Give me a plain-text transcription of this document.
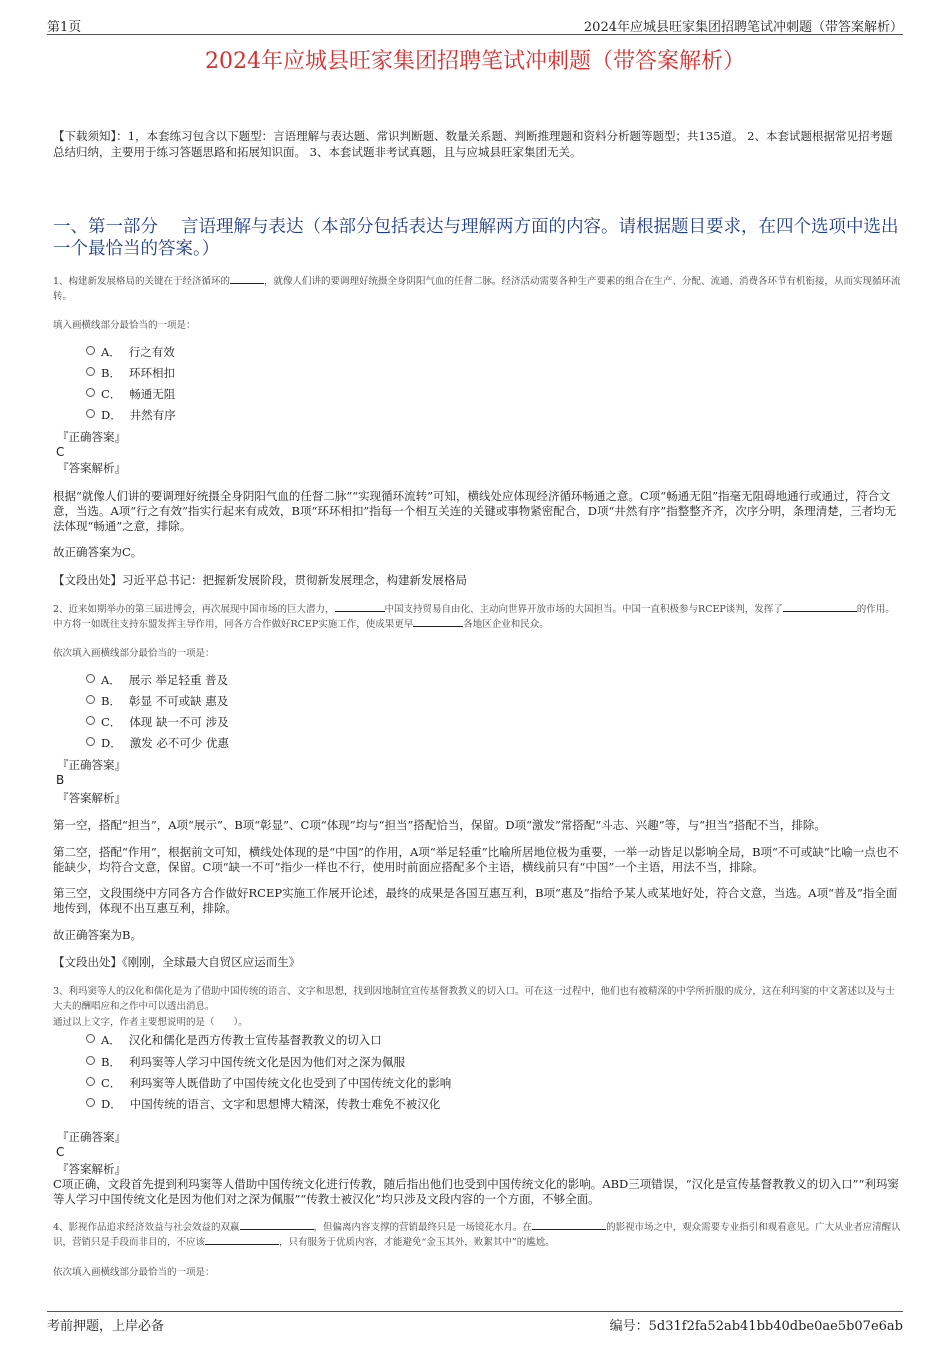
第1页	2024年应城县旺家集团招聘笔试冲刺题（带答案解析）
2024年应城县旺家集团招聘笔试冲刺题（带答案解析）
【下载须知】：1，本套练习包含以下题型：言语理解与表达题、常识判断题、数量关系题、判断推理题和资料分析题等题型；共135道。 2、本套试题根据常见招考题总结归纳，主要用于练习答题思路和拓展知识面。 3、本套试题非考试真题，且与应城县旺家集团无关。
一、第一部分　 言语理解与表达（本部分包括表达与理解两方面的内容。请根据题目要求，在四个选项中选出一个最恰当的答案。）
1、构建新发展格局的关键在于经济循环的	，就像人们讲的要调理好统摄全身阴阳气血的任督二脉。经济活动需要各种生产要素的组合在生产、分配、流通、消费各环节有机衔接，从而实现循环流转。
填入画横线部分最恰当的一项是：
A． 行之有效
B． 环环相扣
C． 畅通无阻
D． 井然有序
『正确答案』
C
『答案解析』
根据“就像人们讲的要调理好统摄全身阴阳气血的任督二脉”“实现循环流转”可知，横线处应体现经济循环畅通之意。C项“畅通无阻”指毫无阻碍地通行或通过，符合文意，当选。A项“行之有效”指实行起来有成效，B项“环环相扣”指每一个相互关连的关键或事物紧密配合，D项“井然有序”指整整齐齐，次序分明，条理清楚，三者均无法体现“畅通”之意，排除。
故正确答案为C。
【文段出处】习近平总书记：把握新发展阶段，贯彻新发展理念，构建新发展格局
2、近来如期举办的第三届进博会，再次展现中国市场的巨大潜力，	中国支持贸易自由化、主动向世界开放市场的大国担当。中国一直积极参与RCEP谈判，发挥了	的作用。中方将一如既往支持东盟发挥主导作用，同各方合作做好RCEP实施工作，使成果更早	各地区企业和民众。
依次填入画横线部分最恰当的一项是：
A． 展示 举足轻重 普及
B． 彰显 不可或缺 惠及
C． 体现 缺一不可 涉及
D． 激发 必不可少 优惠
『正确答案』
B
『答案解析』
第一空，搭配“担当”，A项“展示”、B项“彰显”、C项“体现”均与“担当”搭配恰当，保留。D项“激发”常搭配“斗志、兴趣”等，与“担当”搭配不当，排除。
第二空，搭配“作用”，根据前文可知，横线处体现的是“中国”的作用，A项“举足轻重”比喻所居地位极为重要，一举一动皆足以影响全局，B项“不可或缺”比喻一点也不能缺少，均符合文意，保留。C项“缺一不可”指少一样也不行，使用时前面应搭配多个主语，横线前只有“中国”一个主语，用法不当，排除。
第三空，文段围绕中方同各方合作做好RCEP实施工作展开论述，最终的成果是各国互惠互利，B项“惠及”指给予某人或某地好处，符合文意，当选。A项“普及”指全面地传到，体现不出互惠互利，排除。
故正确答案为B。
【文段出处】《刚刚，全球最大自贸区应运而生》
3、利玛窦等人的汉化和儒化是为了借助中国传统的语言、文字和思想，找到因地制宜宣传基督教教义的切入口。可在这一过程中，他们也有被精深的中学所折服的成分，这在利玛窦的中文著述以及与士大夫的酬唱应和之作中可以透出消息。
通过以上文字，作者主要想说明的是（　　）。
A． 汉化和儒化是西方传教士宣传基督教教义的切入口
B． 利玛窦等人学习中国传统文化是因为他们对之深为佩服
C． 利玛窦等人既借助了中国传统文化也受到了中国传统文化的影响
D． 中国传统的语言、文字和思想博大精深，传教士难免不被汉化
『正确答案』
C
『答案解析』
C项正确，文段首先提到利玛窦等人借助中国传统文化进行传教，随后指出他们也受到中国传统文化的影响。ABD三项错误，“汉化是宣传基督教教义的切入口”“利玛窦等人学习中国传统文化是因为他们对之深为佩服”“传教士被汉化”均只涉及文段内容的一个方面，不够全面。
4、影视作品追求经济效益与社会效益的双赢	，但偏离内容支撑的营销最终只是一场镜花水月。在	的影视市场之中，观众需要专业指引和观看意见。广大从业者应清醒认识，营销只是手段而非目的，不应该	，只有服务于优质内容，才能避免“金玉其外，败絮其中”的尴尬。
依次填入画横线部分最恰当的一项是：
考前押题，上岸必备	编号：5d31f2fa52ab41bb40dbe0ae5b07e6ab
